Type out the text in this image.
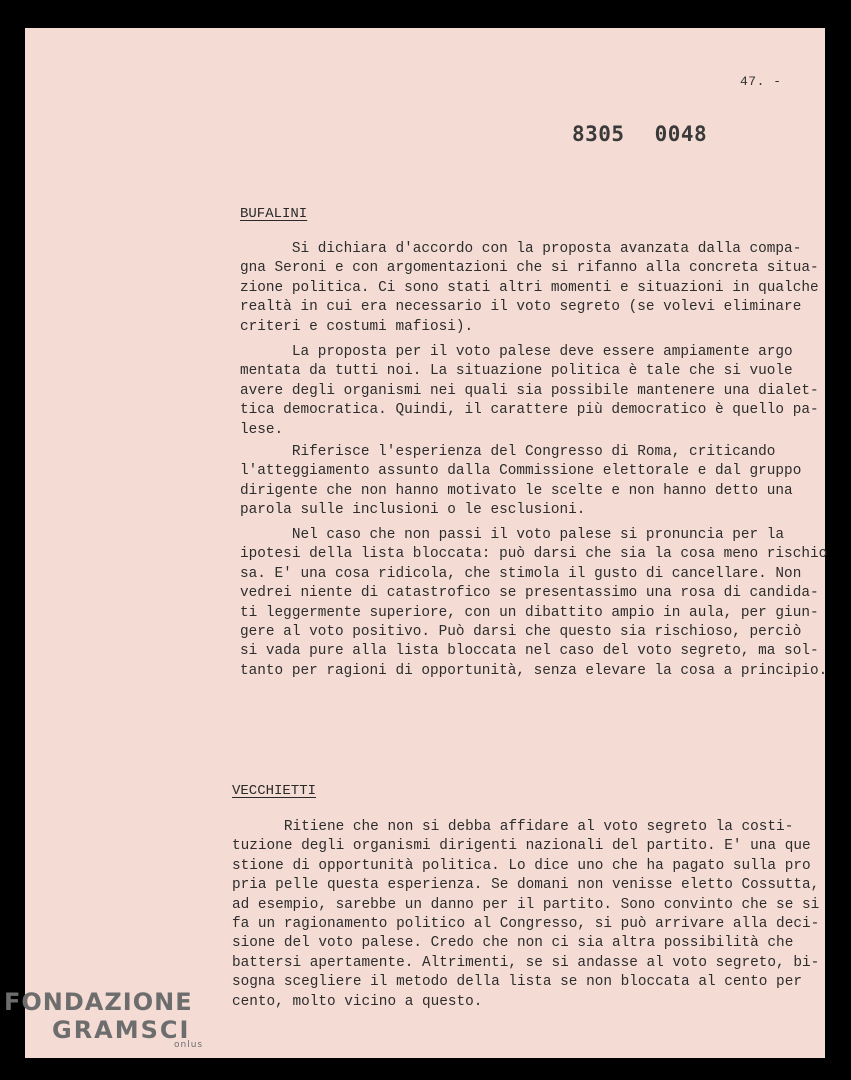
47. -
8305 0048
BUFALINI

Si dichiara d'accordo con la proposta avanzata dalla compa-
gna Seroni e con argomentazioni che si rifanno alla concreta situa-
zione politica. Ci sono stati altri momenti e situazioni in qualche
realtà in cui era necessario il voto segreto (se volevi eliminare
criteri e costumi mafiosi).

La proposta per il voto palese deve essere ampiamente argo
mentata da tutti noi. La situazione politica è tale che si vuole
avere degli organismi nei quali sia possibile mantenere una dialet-
tica democratica. Quindi, il carattere più democratico è quello pa-
lese.

Riferisce l'esperienza del Congresso di Roma, criticando
l'atteggiamento assunto dalla Commissione elettorale e dal gruppo
dirigente che non hanno motivato le scelte e non hanno detto una
parola sulle inclusioni o le esclusioni.

Nel caso che non passi il voto palese si pronuncia per la
ipotesi della lista bloccata: può darsi che sia la cosa meno rischio
sa. E' una cosa ridicola, che stimola il gusto di cancellare. Non
vedrei niente di catastrofico se presentassimo una rosa di candida-
ti leggermente superiore, con un dibattito ampio in aula, per giun-
gere al voto positivo. Può darsi che questo sia rischioso, perciò
si vada pure alla lista bloccata nel caso del voto segreto, ma sol-
tanto per ragioni di opportunità, senza elevare la cosa a principio.

VECCHIETTI

Ritiene che non si debba affidare al voto segreto la costi-
tuzione degli organismi dirigenti nazionali del partito. E' una que
stione di opportunità politica. Lo dice uno che ha pagato sulla pro
pria pelle questa esperienza. Se domani non venisse eletto Cossutta,
ad esempio, sarebbe un danno per il partito. Sono convinto che se si
fa un ragionamento politico al Congresso, si può arrivare alla deci-
sione del voto palese. Credo che non ci sia altra possibilità che
battersi apertamente. Altrimenti, se si andasse al voto segreto, bi-
sogna scegliere il metodo della lista se non bloccata al cento per
cento, molto vicino a questo.

FONDAZIONE
GRAMSCI
onlus
